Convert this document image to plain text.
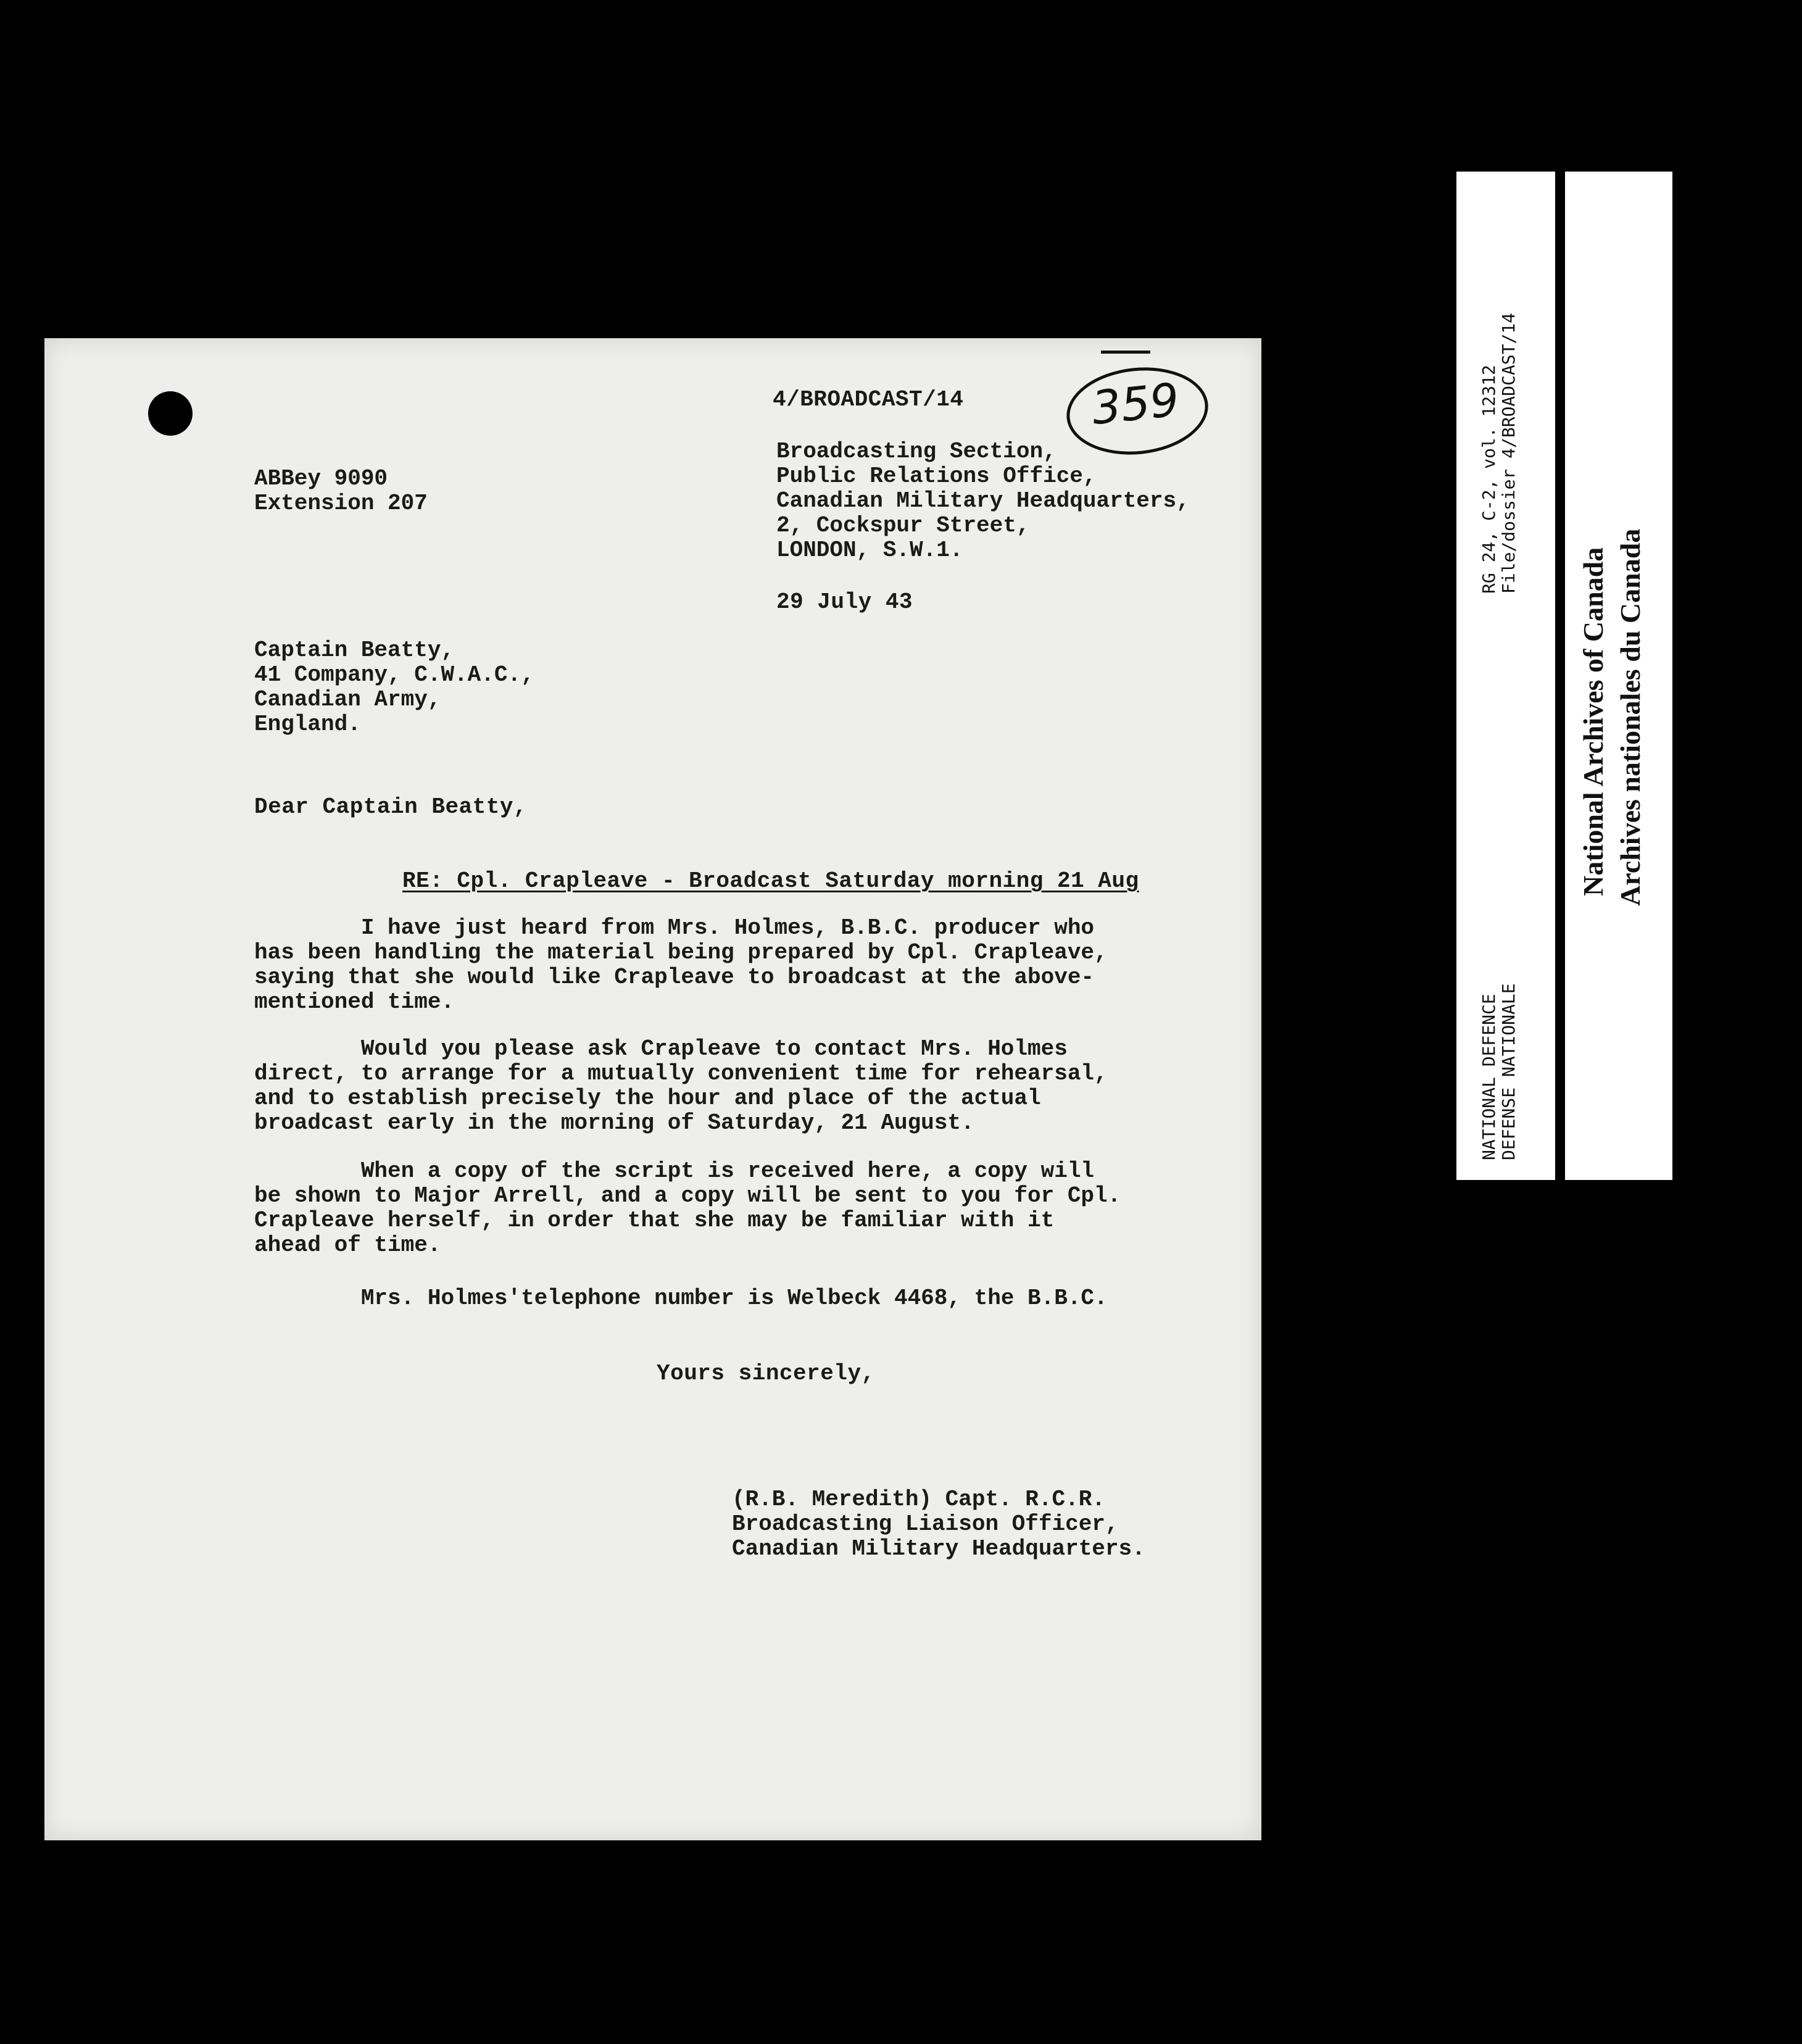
359
4/BROADCAST/14
ABBey 9090
Extension 207
Broadcasting Section,
Public Relations Office,
Canadian Military Headquarters,
2, Cockspur Street,
LONDON, S.W.1.
29 July 43
Captain Beatty,
41 Company, C.W.A.C.,
Canadian Army,
England.
Dear Captain Beatty,
RE: Cpl. Crapleave - Broadcast Saturday morning 21 Aug
I have just heard from Mrs. Holmes, B.B.C. producer who
has been handling the material being prepared by Cpl. Crapleave,
saying that she would like Crapleave to broadcast at the above-
mentioned time.
Would you please ask Crapleave to contact Mrs. Holmes
direct, to arrange for a mutually convenient time for rehearsal,
and to establish precisely the hour and place of the actual
broadcast early in the morning of Saturday, 21 August.
When a copy of the script is received here, a copy will
be shown to Major Arrell, and a copy will be sent to you for Cpl.
Crapleave herself, in order that she may be familiar with it
ahead of time.
Mrs. Holmes'telephone number is Welbeck 4468, the B.B.C.
Yours sincerely,
(R.B. Meredith) Capt. R.C.R.
Broadcasting Liaison Officer,
Canadian Military Headquarters.
NATIONAL DEFENCE DEFENSE NATIONALE
RG 24, C-2, vol. 12312 File/dossier 4/BROADCAST/14
National Archives of Canada Archives nationales du Canada
